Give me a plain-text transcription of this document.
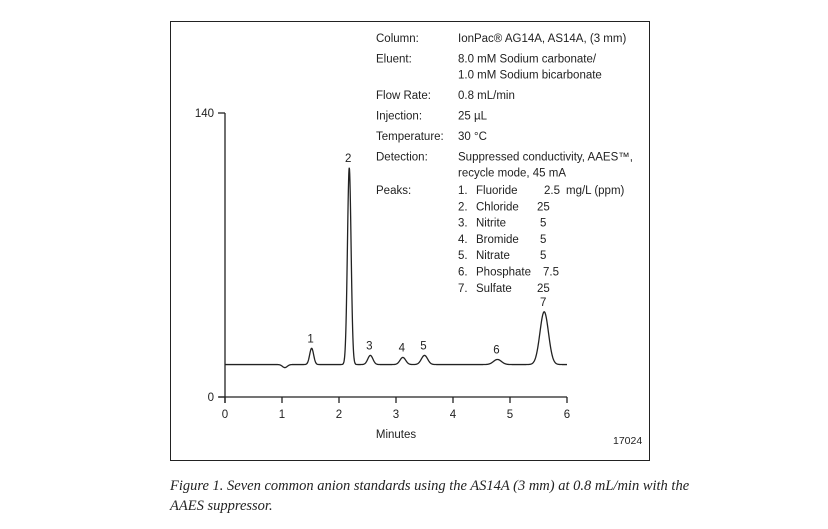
0
140
0	1	2	3	4	5	6
Minutes
1
2
3 4 5	6
7
Column:	IonPac® AG14A, AS14A, (3 mm)
Eluent:	8.0 mM Sodium carbonate/
1.0 mM Sodium bicarbonate
Flow Rate: 0.8 mL/min
Injection:	25 µL
Temperature: 30 °C
Detection:	Suppressed conductivity, AAES™,
recycle mode, 45 mA
Peaks:	1. Fluoride 2.5 mg/L (ppm)
2. Chloride 25
3. Nitrite	5
4. Bromide 5
5. Nitrate	5
6. Phosphate 7.5
7. Sulfate 25
17024
Figure 1. Seven common anion standards using the AS14A (3 mm) at 0.8 mL/min with the AAES suppressor.
